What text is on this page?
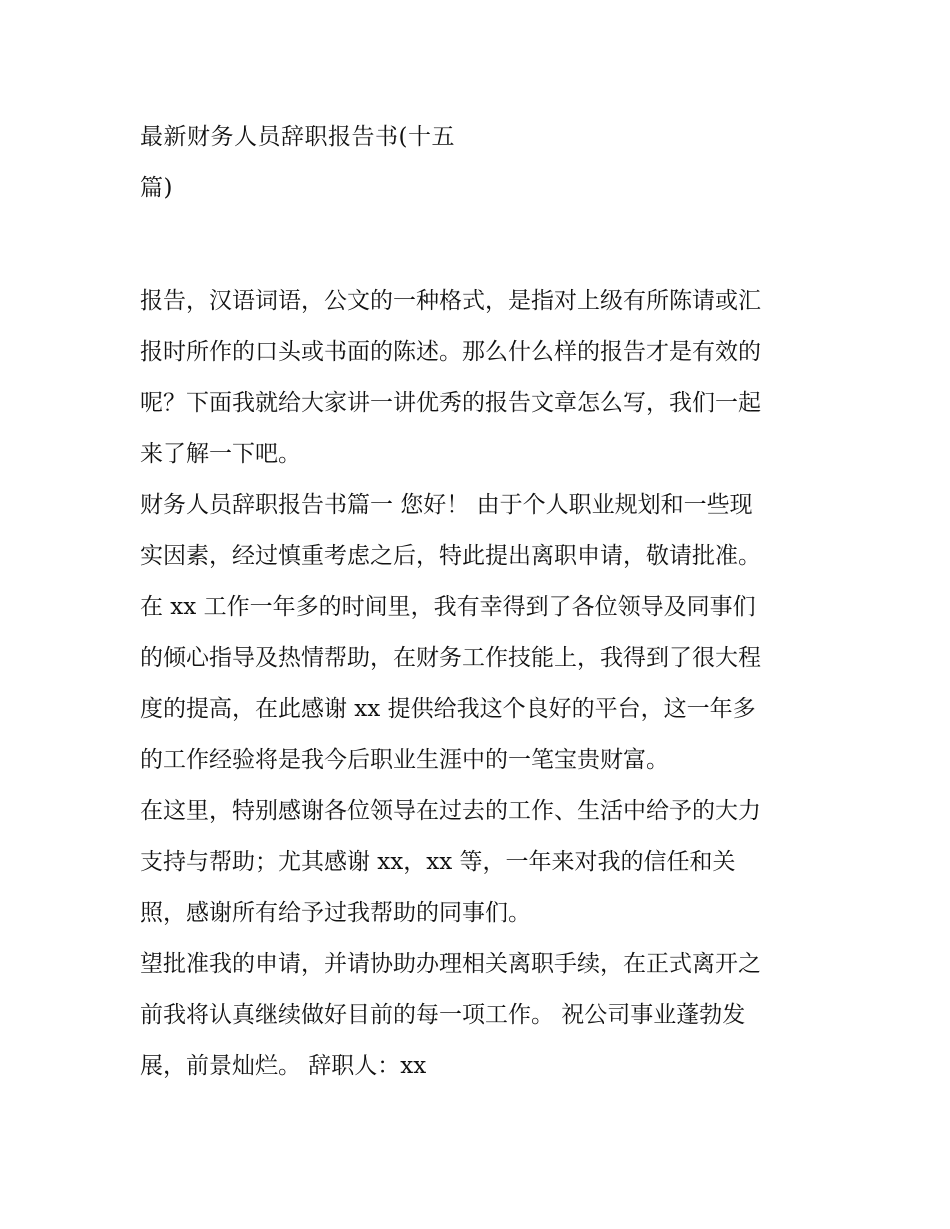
最新财务人员辞职报告书(十五
篇)
报告，汉语词语，公文的一种格式，是指对上级有所陈请或汇
报时所作的口头或书面的陈述。那么什么样的报告才是有效的
呢？下面我就给大家讲一讲优秀的报告文章怎么写，我们一起
来了解一下吧。
财务人员辞职报告书篇一 您好！ 由于个人职业规划和一些现
实因素，经过慎重考虑之后，特此提出离职申请，敬请批准。
在 xx 工作一年多的时间里，我有幸得到了各位领导及同事们
的倾心指导及热情帮助，在财务工作技能上，我得到了很大程
度的提高，在此感谢 xx 提供给我这个良好的平台，这一年多
的工作经验将是我今后职业生涯中的一笔宝贵财富。
在这里，特别感谢各位领导在过去的工作、生活中给予的大力
支持与帮助；尤其感谢 xx，xx 等，一年来对我的信任和关
照，感谢所有给予过我帮助的同事们。
望批准我的申请，并请协助办理相关离职手续，在正式离开之
前我将认真继续做好目前的每一项工作。 祝公司事业蓬勃发
展，前景灿烂。 辞职人：xx
